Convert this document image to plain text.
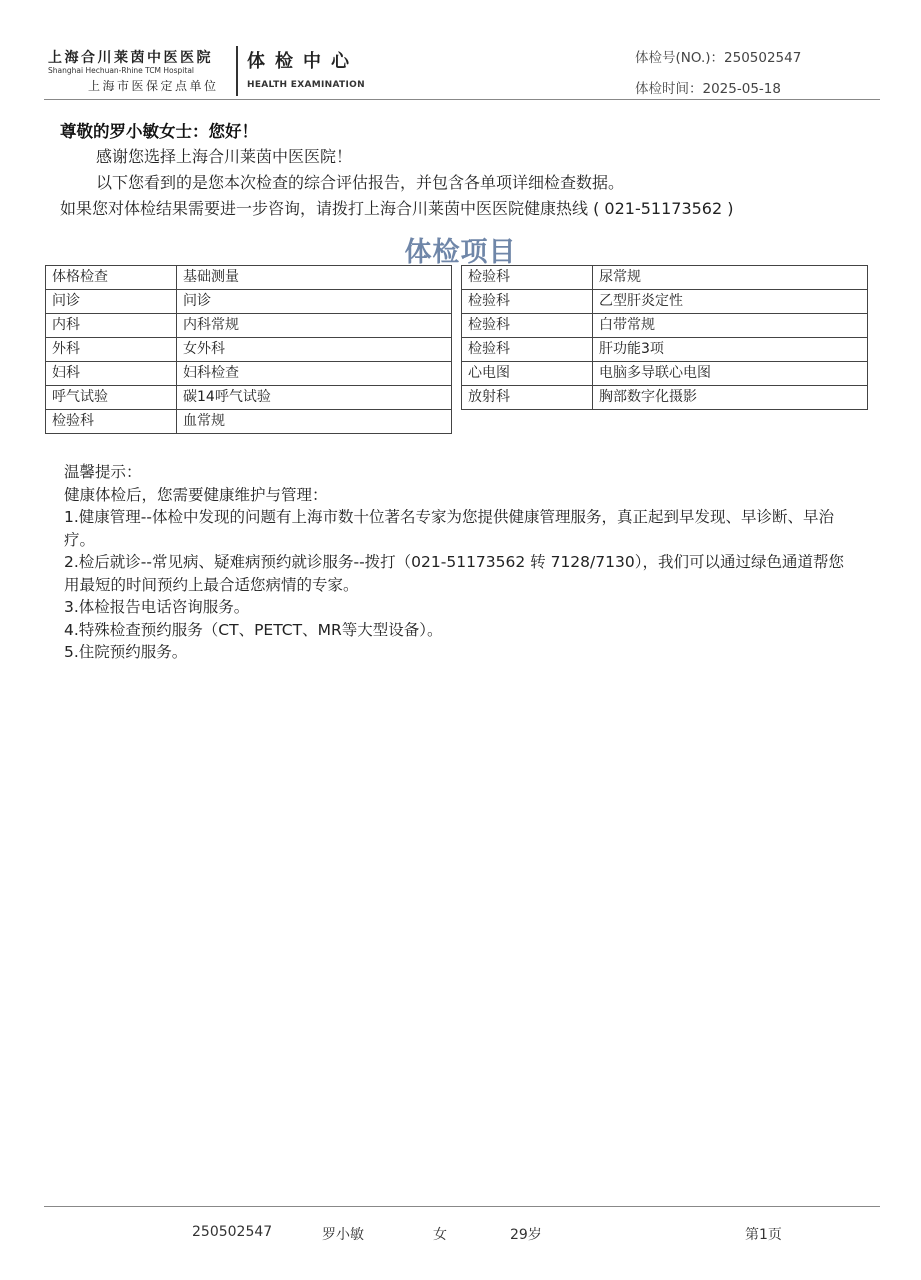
上海合川莱茵中医医院
Shanghai Hechuan-Rhine TCM Hospital
上海市医保定点单位
体检中心
HEALTH EXAMINATION
体检号(NO.)：250502547
体检时间：2025-05-18
尊敬的罗小敏女士：您好！
感谢您选择上海合川莱茵中医医院！
以下您看到的是您本次检查的综合评估报告，并包含各单项详细检查数据。
如果您对体检结果需要进一步咨询，请拨打上海合川莱茵中医医院健康热线 ( 021-51173562 )
体检项目
体格检查	基础测量
问诊	问诊
内科	内科常规
外科	女外科
妇科	妇科检查
呼气试验	碳14呼气试验
检验科	血常规
检验科	尿常规
检验科	乙型肝炎定性
检验科	白带常规
检验科	肝功能3项
心电图	电脑多导联心电图
放射科	胸部数字化摄影
温馨提示：
健康体检后，您需要健康维护与管理：
1.健康管理--体检中发现的问题有上海市数十位著名专家为您提供健康管理服务，真正起到早发现、早诊断、早治疗。
2.检后就诊--常见病、疑难病预约就诊服务--拨打（021-51173562 转 7128/7130），我们可以通过绿色通道帮您用最短的时间预约上最合适您病情的专家。
3.体检报告电话咨询服务。
4.特殊检查预约服务（CT、PETCT、MR等大型设备）。
5.住院预约服务。
250502547	罗小敏	女	29岁	第1页
